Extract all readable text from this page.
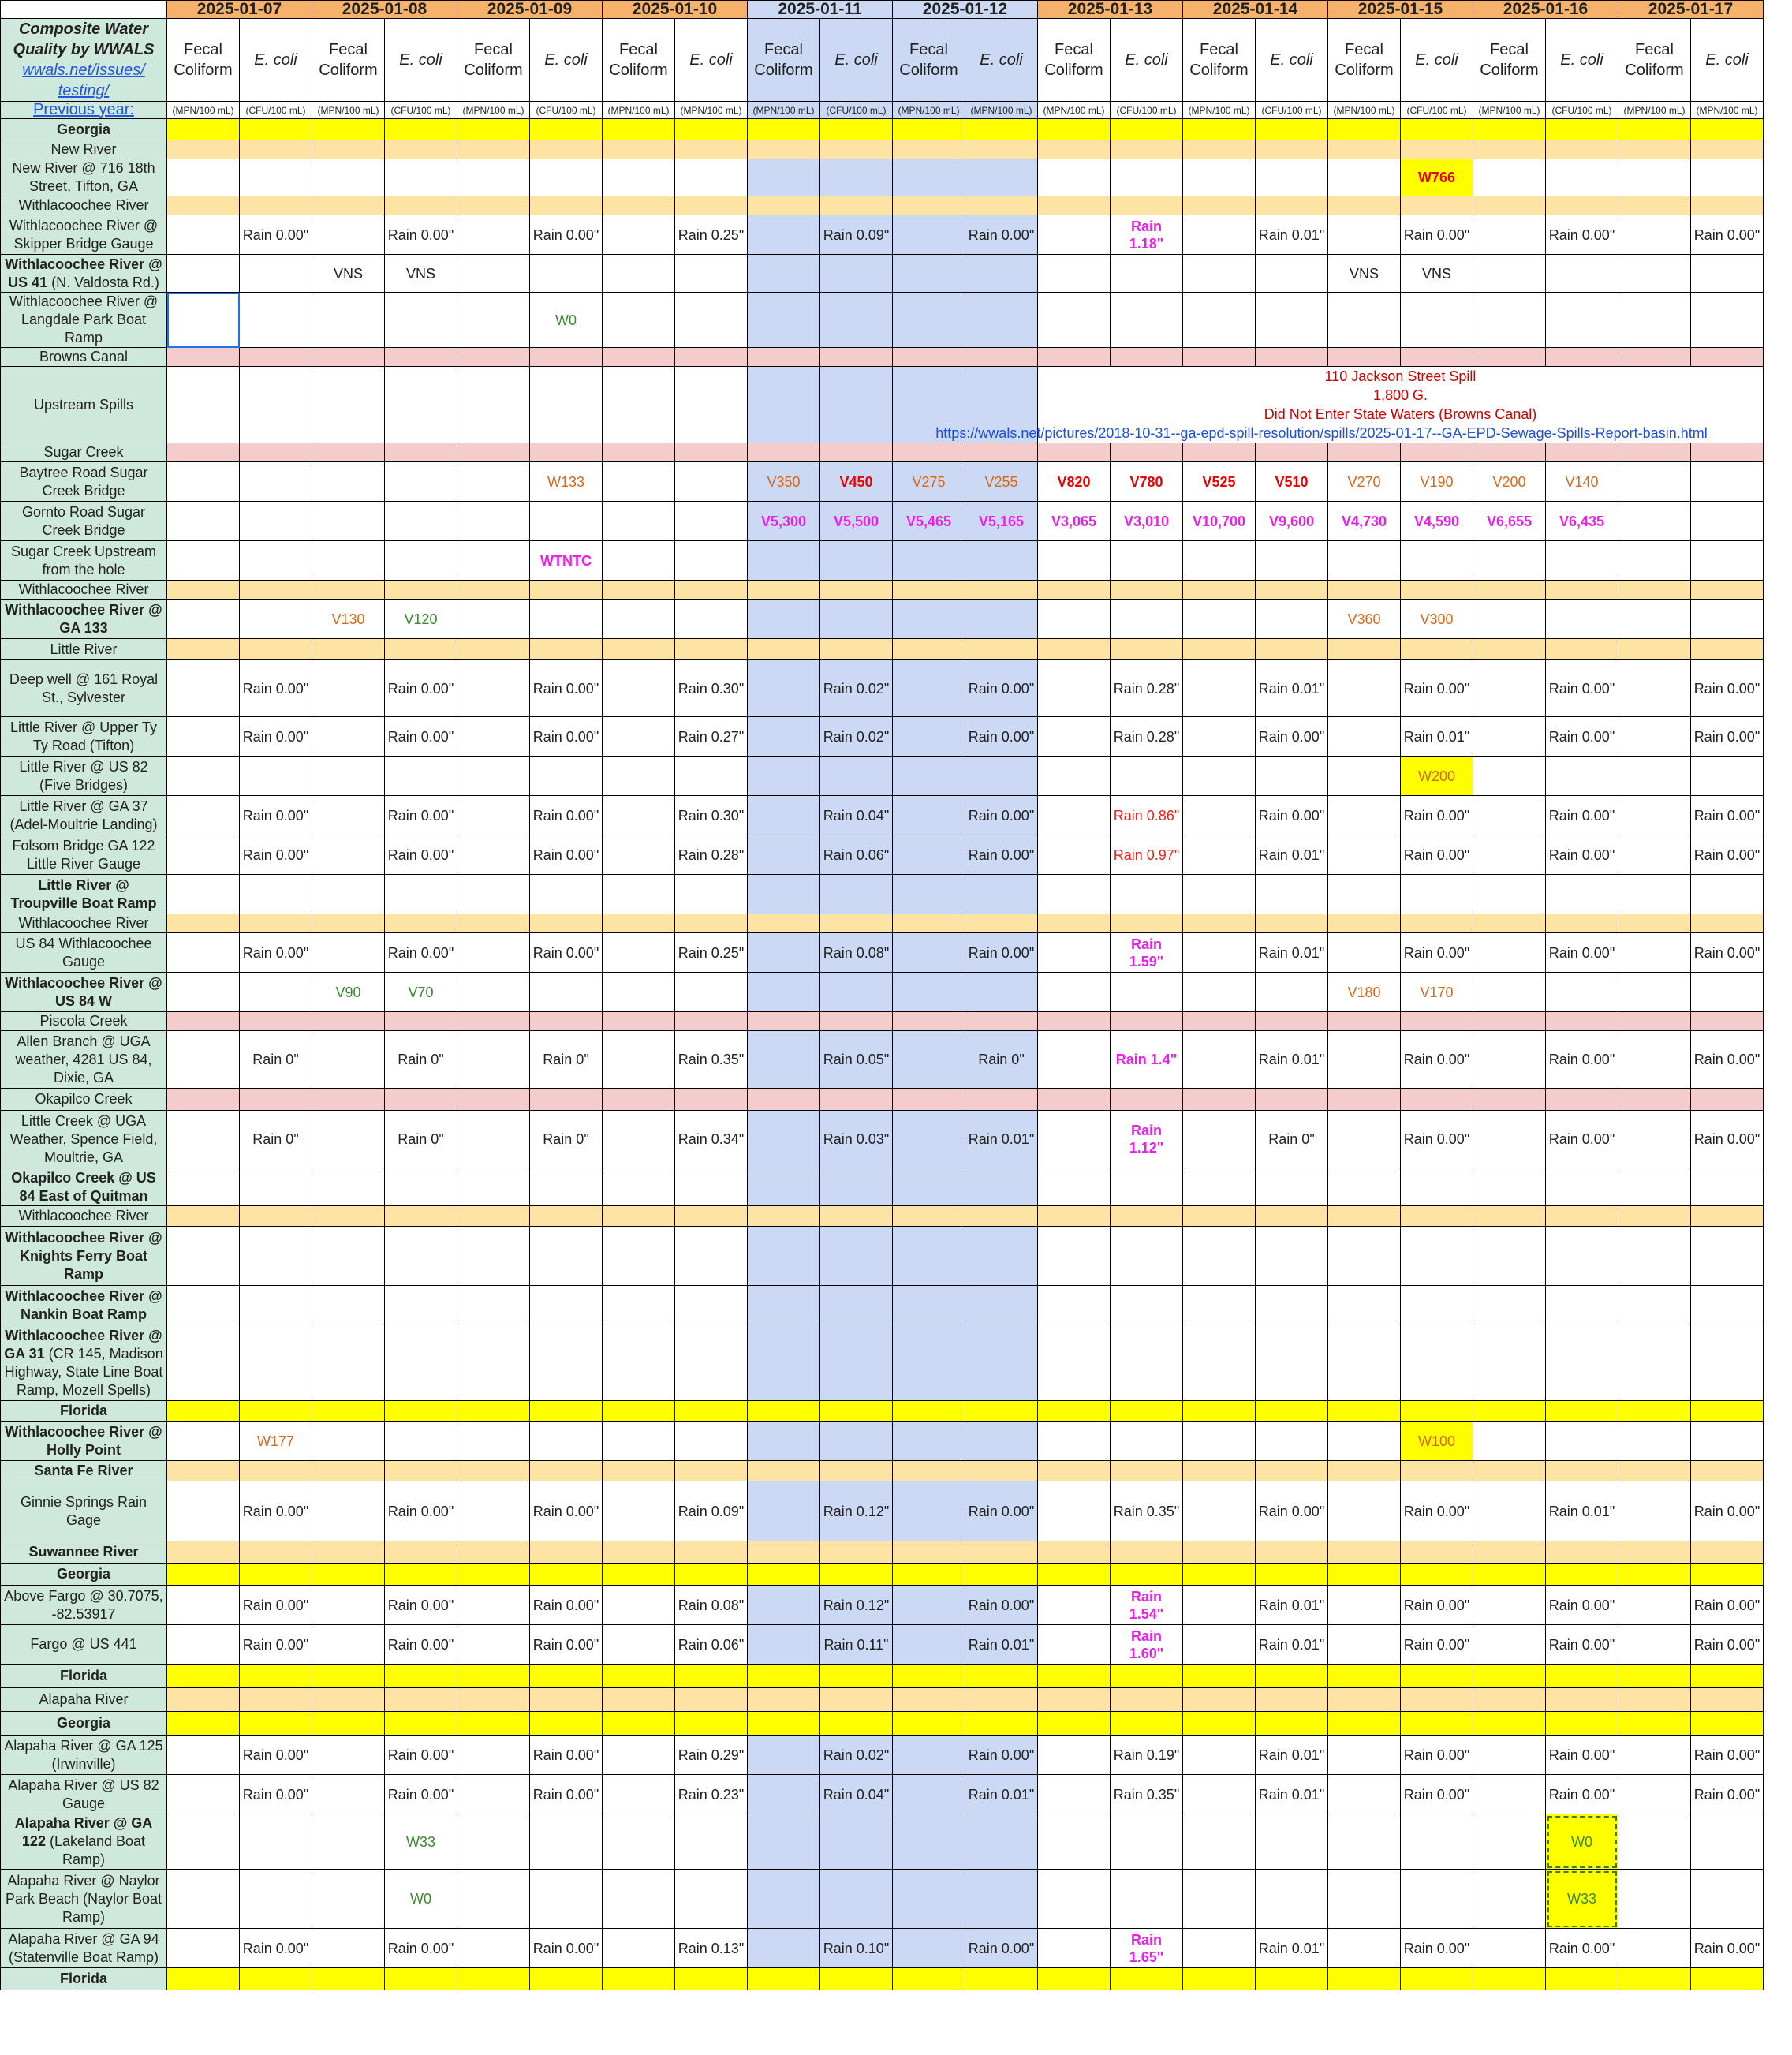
	2025-01-07		2025-01-08		2025-01-09		2025-01-10		2025-01-11		2025-01-12		2025-01-13		2025-01-14		2025-01-15		2025-01-16		2025-01-17	

Composite Water Quality by WWALS
wwals.net/issues/ testing/	Fecal Coliform	E. coli	Fecal Coliform	E. coli	Fecal Coliform	E. coli	Fecal Coliform	E. coli	Fecal Coliform	E. coli	Fecal Coliform	E. coli	Fecal Coliform	E. coli	Fecal Coliform	E. coli	Fecal Coliform	E. coli	Fecal Coliform	E. coli	Fecal Coliform	E. coli
Previous year:	(MPN/100 mL)	(CFU/100 mL)	(MPN/100 mL)	(CFU/100 mL)	(MPN/100 mL)	(CFU/100 mL)	(MPN/100 mL)	(MPN/100 mL)	(MPN/100 mL)	(CFU/100 mL)	(MPN/100 mL)	(MPN/100 mL)	(MPN/100 mL)	(CFU/100 mL)	(MPN/100 mL)	(CFU/100 mL)	(MPN/100 mL)	(CFU/100 mL)	(MPN/100 mL)	(CFU/100 mL)	(MPN/100 mL)	(MPN/100 mL)
Georgia																						
New River																						
New River @ 716 18th Street, Tifton, GA																		W766				
Withlacoochee River																						
Withlacoochee River @ Skipper Bridge Gauge		Rain 0.00"		Rain 0.00"		Rain 0.00"		Rain 0.25"		Rain 0.09"		Rain 0.00"		Rain 1.18"		Rain 0.01"		Rain 0.00"		Rain 0.00"		Rain 0.00"
Withlacoochee River @ US 41 (N. Valdosta Rd.)			VNS	VNS													VNS	VNS				
Withlacoochee River @ Langdale Park Boat Ramp						W0																
Browns Canal																						
Upstream Spills													110 Jackson Street Spill
1,800 G.
Did Not Enter State Waters (Browns Canal)
https://wwals.net/pictures/2018-10-31--ga-epd-spill-resolution/spills/2025-01-17--GA-EPD-Sewage-Spills-Report-basin.html									

Sugar Creek																						
Baytree Road Sugar Creek Bridge						W133			V350	V450	V275	V255	V820	V780	V525	V510	V270	V190	V200	V140		
Gornto Road Sugar Creek Bridge									V5,300	V5,500	V5,465	V5,165	V3,065	V3,010	V10,700	V9,600	V4,730	V4,590	V6,655	V6,435		
Sugar Creek Upstream from the hole						WTNTC																
Withlacoochee River																						
Withlacoochee River @ GA 133			V130	V120													V360	V300				
Little River																						
Deep well @ 161 Royal St., Sylvester		Rain 0.00"		Rain 0.00"		Rain 0.00"		Rain 0.30"		Rain 0.02"		Rain 0.00"		Rain 0.28"		Rain 0.01"		Rain 0.00"		Rain 0.00"		Rain 0.00"
Little River @ Upper Ty Ty Road (Tifton)		Rain 0.00"		Rain 0.00"		Rain 0.00"		Rain 0.27"		Rain 0.02"		Rain 0.00"		Rain 0.28"		Rain 0.00"		Rain 0.01"		Rain 0.00"		Rain 0.00"
Little River @ US 82 (Five Bridges)																		W200				
Little River @ GA 37 (Adel-Moultrie Landing)		Rain 0.00"		Rain 0.00"		Rain 0.00"		Rain 0.30"		Rain 0.04"		Rain 0.00"		Rain 0.86"		Rain 0.00"		Rain 0.00"		Rain 0.00"		Rain 0.00"
Folsom Bridge GA 122 Little River Gauge		Rain 0.00"		Rain 0.00"		Rain 0.00"		Rain 0.28"		Rain 0.06"		Rain 0.00"		Rain 0.97"		Rain 0.01"		Rain 0.00"		Rain 0.00"		Rain 0.00"
Little River @ Troupville Boat Ramp																						
Withlacoochee River																						
US 84 Withlacoochee Gauge		Rain 0.00"		Rain 0.00"		Rain 0.00"		Rain 0.25"		Rain 0.08"		Rain 0.00"		Rain 1.59"		Rain 0.01"		Rain 0.00"		Rain 0.00"		Rain 0.00"
Withlacoochee River @ US 84 W			V90	V70													V180	V170				
Piscola Creek																						
Allen Branch @ UGA weather, 4281 US 84, Dixie, GA		Rain 0"		Rain 0"		Rain 0"		Rain 0.35"		Rain 0.05"		Rain 0"		Rain 1.4"		Rain 0.01"		Rain 0.00"		Rain 0.00"		Rain 0.00"
Okapilco Creek																						
Little Creek @ UGA Weather, Spence Field, Moultrie, GA		Rain 0"		Rain 0"		Rain 0"		Rain 0.34"		Rain 0.03"		Rain 0.01"		Rain 1.12"		Rain 0"		Rain 0.00"		Rain 0.00"		Rain 0.00"
Okapilco Creek @ US 84 East of Quitman																						
Withlacoochee River																						
Withlacoochee River @ Knights Ferry Boat Ramp																						
Withlacoochee River @ Nankin Boat Ramp																						
Withlacoochee River @ GA 31 (CR 145, Madison Highway, State Line Boat Ramp, Mozell Spells)																						
Florida																						
Withlacoochee River @ Holly Point		W177																W100				
Santa Fe River																						
Ginnie Springs Rain Gage		Rain 0.00"		Rain 0.00"		Rain 0.00"		Rain 0.09"		Rain 0.12"		Rain 0.00"		Rain 0.35"		Rain 0.00"		Rain 0.00"		Rain 0.01"		Rain 0.00"
Suwannee River																						
Georgia																						
Above Fargo @ 30.7075, -82.53917		Rain 0.00"		Rain 0.00"		Rain 0.00"		Rain 0.08"		Rain 0.12"		Rain 0.00"		Rain 1.54"		Rain 0.01"		Rain 0.00"		Rain 0.00"		Rain 0.00"
Fargo @ US 441		Rain 0.00"		Rain 0.00"		Rain 0.00"		Rain 0.06"		Rain 0.11"		Rain 0.01"		Rain 1.60"		Rain 0.01"		Rain 0.00"		Rain 0.00"		Rain 0.00"
Florida																						
Alapaha River																						
Georgia																						
Alapaha River @ GA 125 (Irwinville)		Rain 0.00"		Rain 0.00"		Rain 0.00"		Rain 0.29"		Rain 0.02"		Rain 0.00"		Rain 0.19"		Rain 0.01"		Rain 0.00"		Rain 0.00"		Rain 0.00"
Alapaha River @ US 82 Gauge		Rain 0.00"		Rain 0.00"		Rain 0.00"		Rain 0.23"		Rain 0.04"		Rain 0.01"		Rain 0.35"		Rain 0.01"		Rain 0.00"		Rain 0.00"		Rain 0.00"
Alapaha River @ GA 122 (Lakeland Boat Ramp)				W33																W0		
Alapaha River @ Naylor Park Beach (Naylor Boat Ramp)				W0																W33		
Alapaha River @ GA 94 (Statenville Boat Ramp)		Rain 0.00"		Rain 0.00"		Rain 0.00"		Rain 0.13"		Rain 0.10"		Rain 0.00"		Rain 1.65"		Rain 0.01"		Rain 0.00"		Rain 0.00"		Rain 0.00"
Florida																						
